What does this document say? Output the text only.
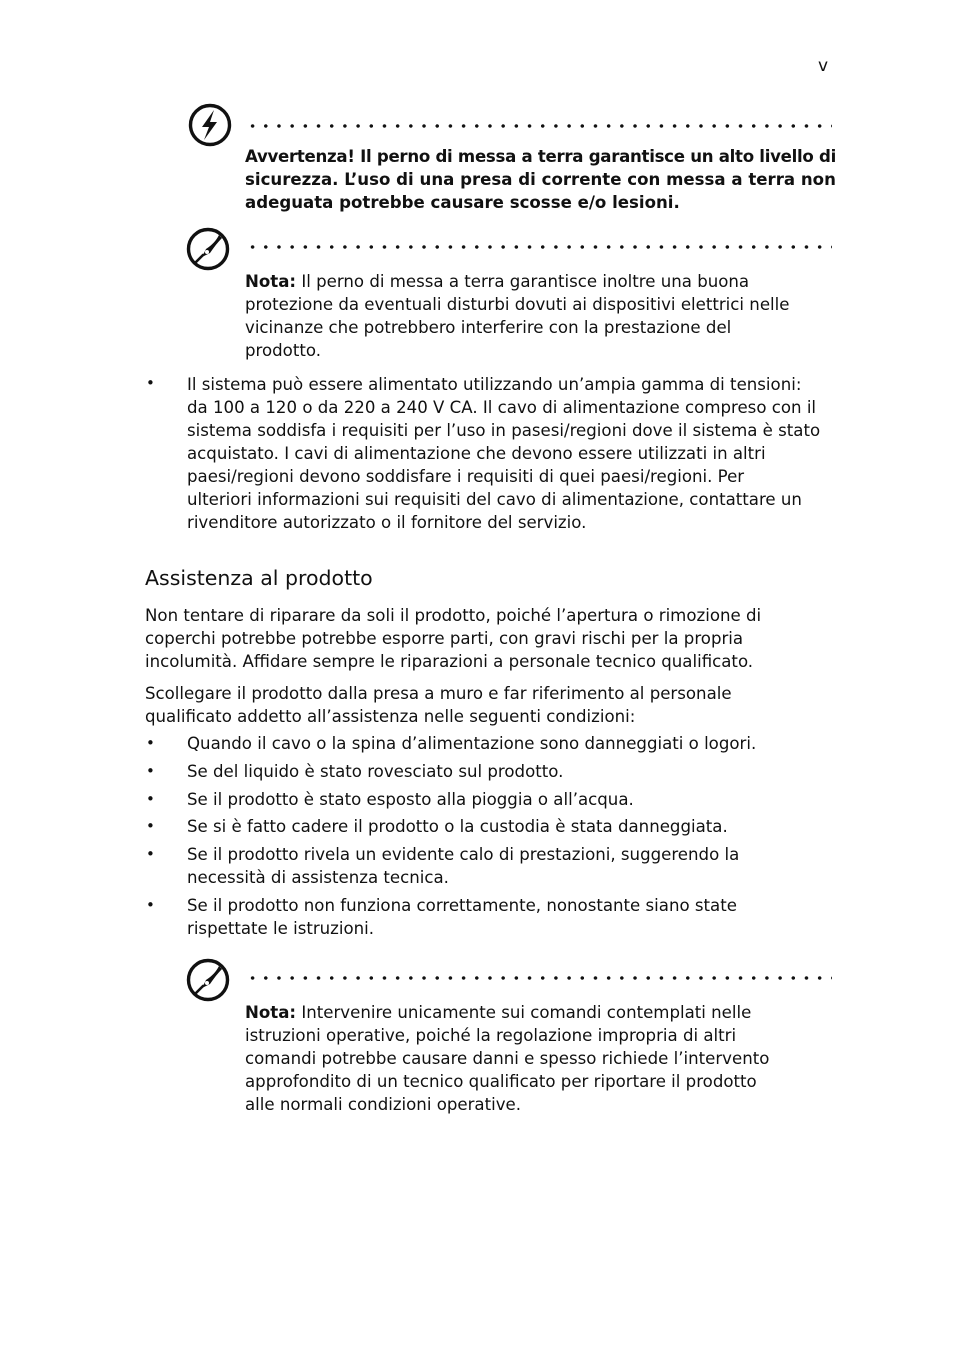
v
Avvertenza! Il perno di messa a terra garantisce un alto livello di
sicurezza. L’uso di una presa di corrente con messa a terra non
adeguata potrebbe causare scosse e/o lesioni.
Nota: Il perno di messa a terra garantisce inoltre una buona
protezione da eventuali disturbi dovuti ai dispositivi elettrici nelle
vicinanze che potrebbero interferire con la prestazione del
prodotto.
• Il sistema può essere alimentato utilizzando un’ampia gamma di tensioni:
da 100 a 120 o da 220 a 240 V CA. Il cavo di alimentazione compreso con il
sistema soddisfa i requisiti per l’uso in pasesi/regioni dove il sistema è stato
acquistato. I cavi di alimentazione che devono essere utilizzati in altri
paesi/regioni devono soddisfare i requisiti di quei paesi/regioni. Per
ulteriori informazioni sui requisiti del cavo di alimentazione, contattare un
rivenditore autorizzato o il fornitore del servizio.
Assistenza al prodotto
Non tentare di riparare da soli il prodotto, poiché l’apertura o rimozione di
coperchi potrebbe potrebbe esporre parti, con gravi rischi per la propria
incolumità. Affidare sempre le riparazioni a personale tecnico qualificato.
Scollegare il prodotto dalla presa a muro e far riferimento al personale
qualificato addetto all’assistenza nelle seguenti condizioni:
• Quando il cavo o la spina d’alimentazione sono danneggiati o logori.
• Se del liquido è stato rovesciato sul prodotto.
• Se il prodotto è stato esposto alla pioggia o all’acqua.
• Se si è fatto cadere il prodotto o la custodia è stata danneggiata.
• Se il prodotto rivela un evidente calo di prestazioni, suggerendo la
necessità di assistenza tecnica.
• Se il prodotto non funziona correttamente, nonostante siano state
rispettate le istruzioni.
Nota: Intervenire unicamente sui comandi contemplati nelle
istruzioni operative, poiché la regolazione impropria di altri
comandi potrebbe causare danni e spesso richiede l’intervento
approfondito di un tecnico qualificato per riportare il prodotto
alle normali condizioni operative.
